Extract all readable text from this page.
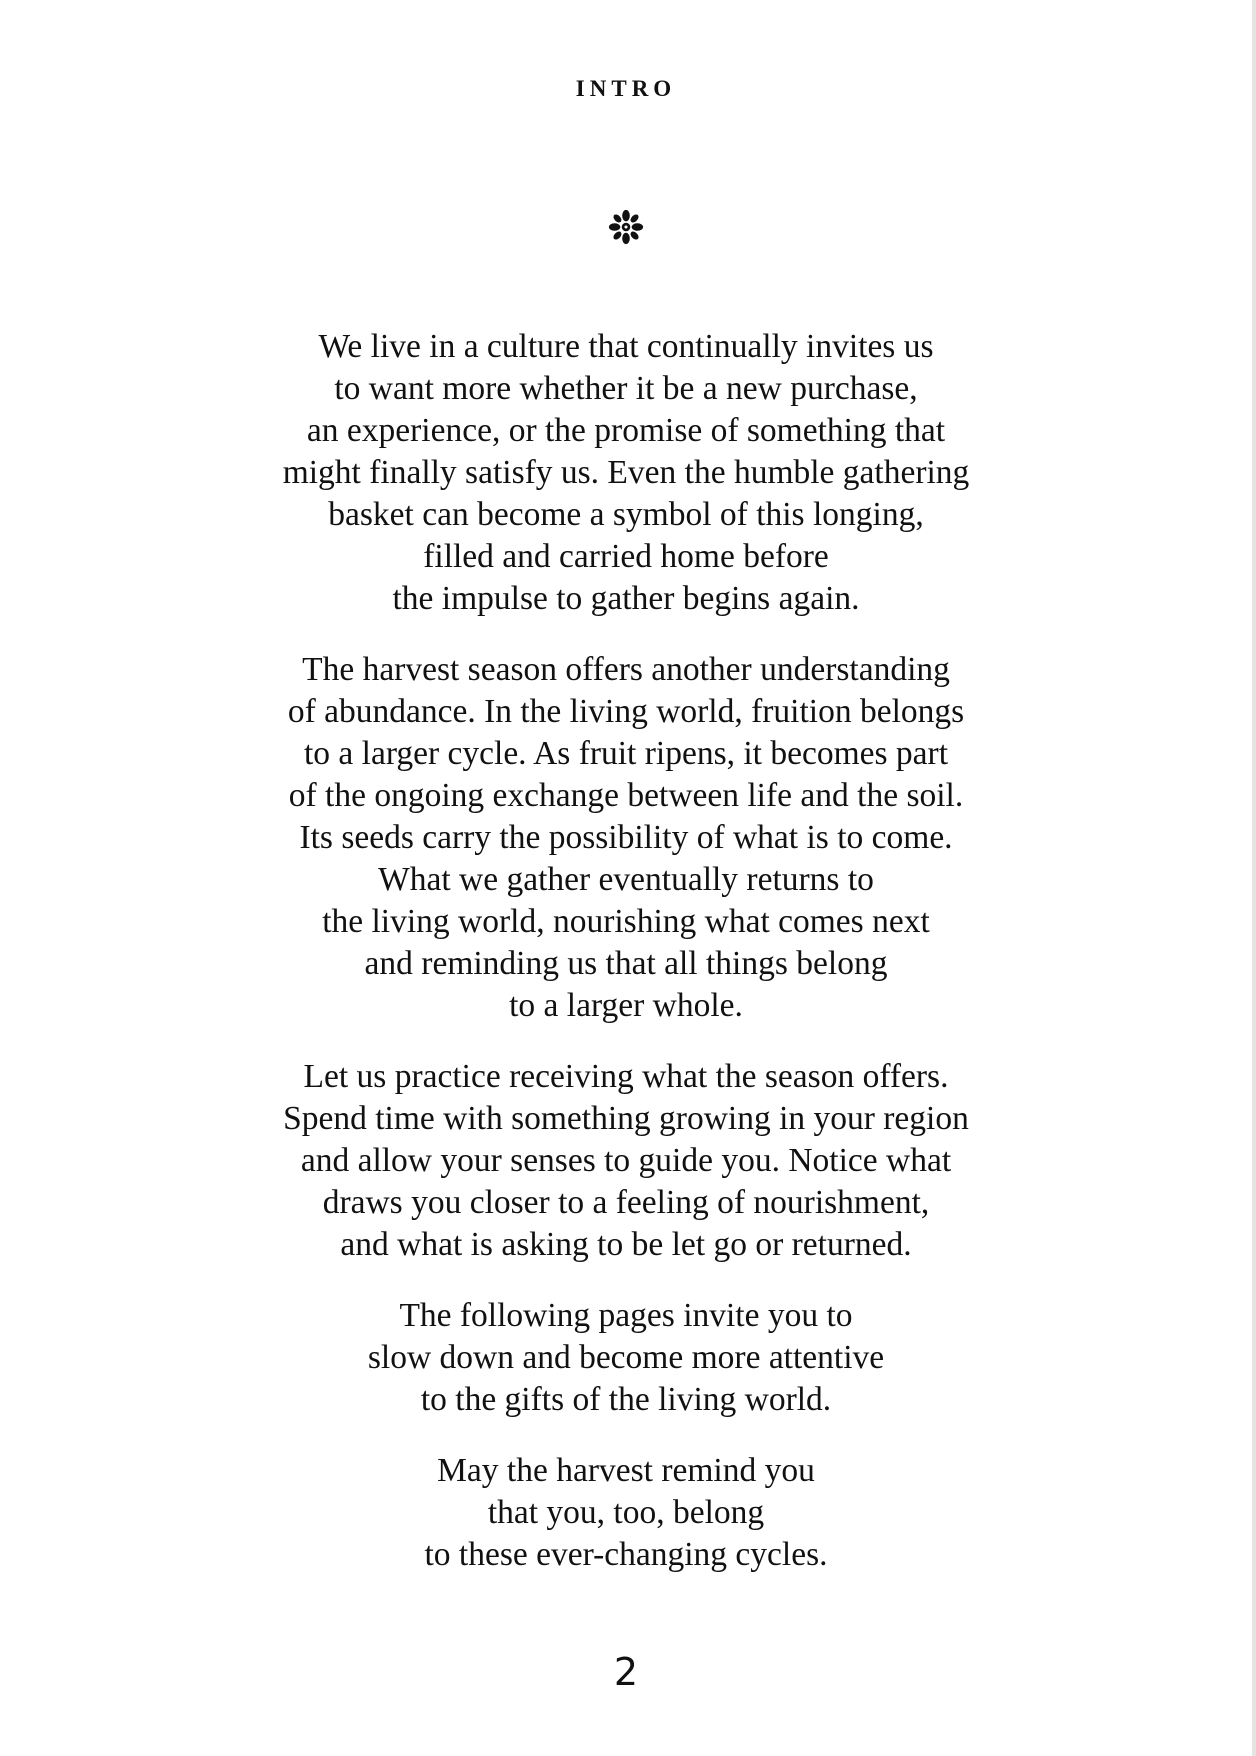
INTRO

We live in a culture that continually invites us
to want more whether it be a new purchase,
an experience, or the promise of something that
might finally satisfy us. Even the humble gathering
basket can become a symbol of this longing,
filled and carried home before
the impulse to gather begins again.

The harvest season offers another understanding
of abundance. In the living world, fruition belongs
to a larger cycle. As fruit ripens, it becomes part
of the ongoing exchange between life and the soil.
Its seeds carry the possibility of what is to come.
What we gather eventually returns to
the living world, nourishing what comes next
and reminding us that all things belong
to a larger whole.

Let us practice receiving what the season offers.
Spend time with something growing in your region
and allow your senses to guide you. Notice what
draws you closer to a feeling of nourishment,
and what is asking to be let go or returned.

The following pages invite you to
slow down and become more attentive
to the gifts of the living world.

May the harvest remind you
that you, too, belong
to these ever-changing cycles.

2
